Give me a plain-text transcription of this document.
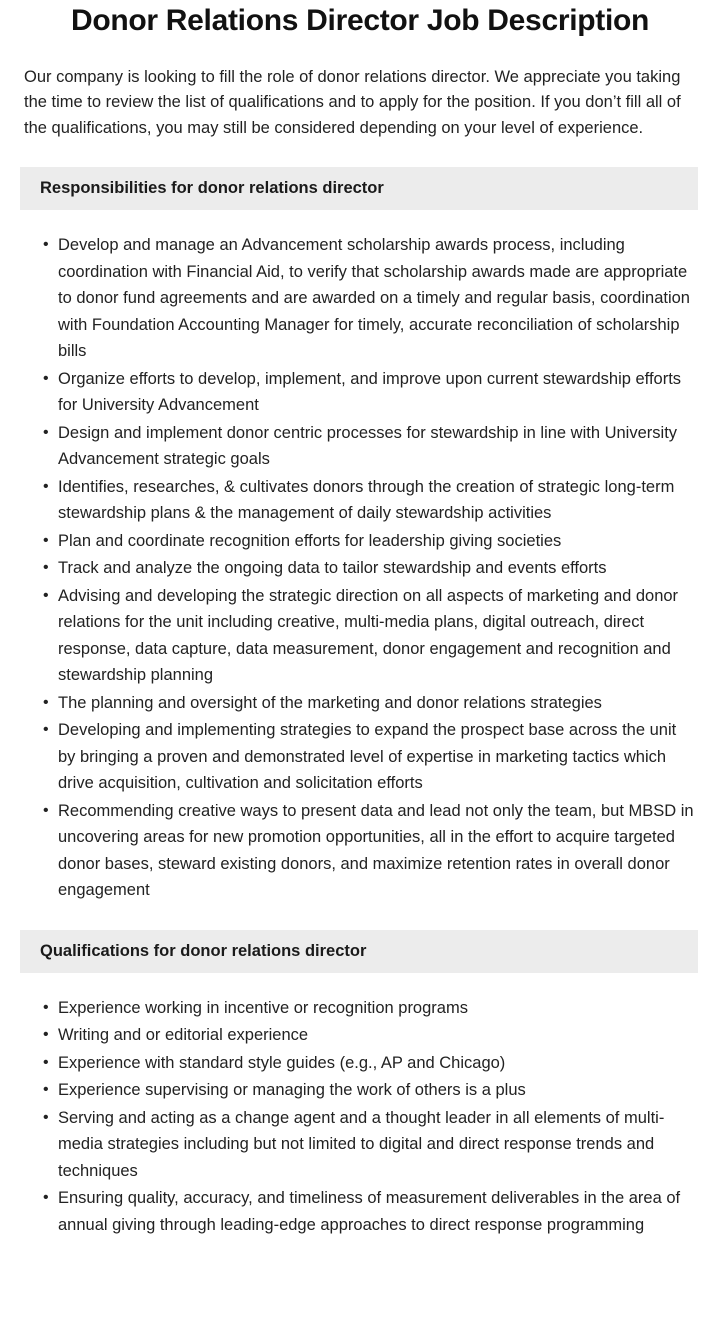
Donor Relations Director Job Description

Our company is looking to fill the role of donor relations director. We appreciate you taking the time to review the list of qualifications and to apply for the position. If you don’t fill all of the qualifications, you may still be considered depending on your level of experience.

Responsibilities for donor relations director
• Develop and manage an Advancement scholarship awards process, including coordination with Financial Aid, to verify that scholarship awards made are appropriate to donor fund agreements and are awarded on a timely and regular basis, coordination with Foundation Accounting Manager for timely, accurate reconciliation of scholarship bills
• Organize efforts to develop, implement, and improve upon current stewardship efforts for University Advancement
• Design and implement donor centric processes for stewardship in line with University Advancement strategic goals
• Identifies, researches, & cultivates donors through the creation of strategic long-term stewardship plans & the management of daily stewardship activities
• Plan and coordinate recognition efforts for leadership giving societies
• Track and analyze the ongoing data to tailor stewardship and events efforts
• Advising and developing the strategic direction on all aspects of marketing and donor relations for the unit including creative, multi-media plans, digital outreach, direct response, data capture, data measurement, donor engagement and recognition and stewardship planning
• The planning and oversight of the marketing and donor relations strategies
• Developing and implementing strategies to expand the prospect base across the unit by bringing a proven and demonstrated level of expertise in marketing tactics which drive acquisition, cultivation and solicitation efforts
• Recommending creative ways to present data and lead not only the team, but MBSD in uncovering areas for new promotion opportunities, all in the effort to acquire targeted donor bases, steward existing donors, and maximize retention rates in overall donor engagement
Qualifications for donor relations director
• Experience working in incentive or recognition programs
• Writing and or editorial experience
• Experience with standard style guides (e.g., AP and Chicago)
• Experience supervising or managing the work of others is a plus
• Serving and acting as a change agent and a thought leader in all elements of multi-media strategies including but not limited to digital and direct response trends and techniques
• Ensuring quality, accuracy, and timeliness of measurement deliverables in the area of annual giving through leading-edge approaches to direct response programming
